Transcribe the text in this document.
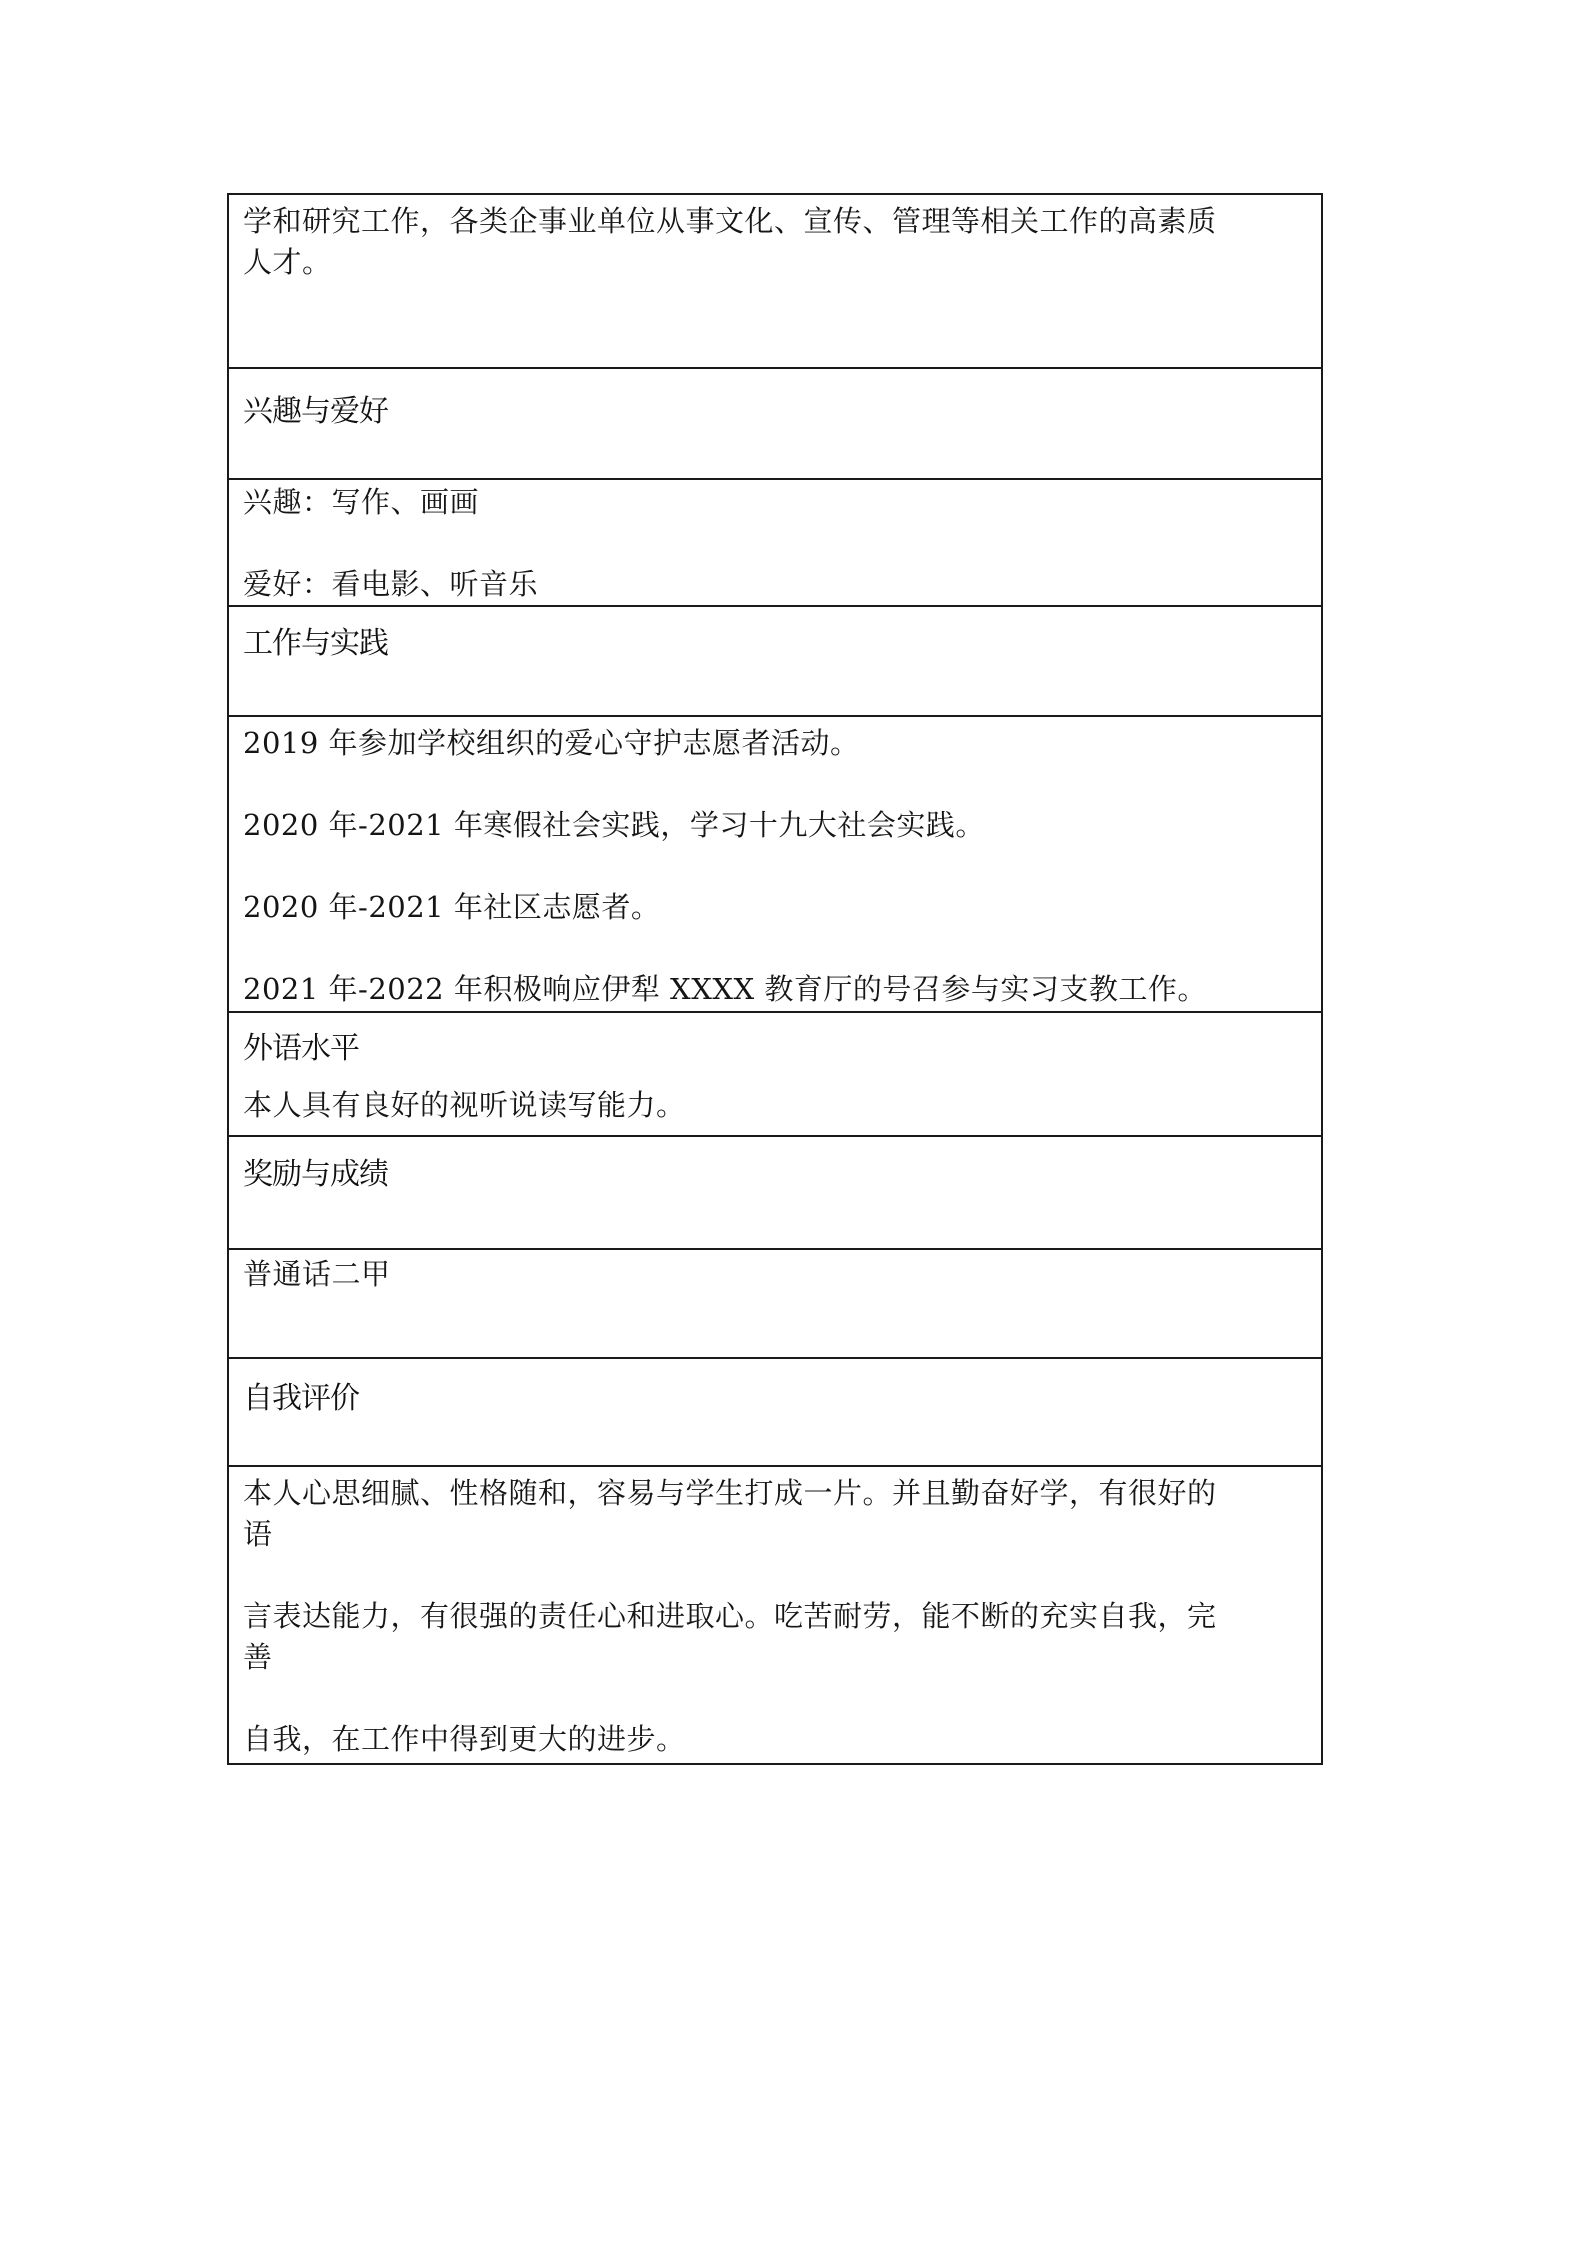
学和研究工作，各类企事业单位从事文化、宣传、管理等相关工作的高素质
人才。
兴趣与爱好
兴趣：写作、画画
爱好：看电影、听音乐
工作与实践
2019 年参加学校组织的爱心守护志愿者活动。
2020 年-2021 年寒假社会实践，学习十九大社会实践。
2020 年-2021 年社区志愿者。
2021 年-2022 年积极响应伊犁 XXXX 教育厅的号召参与实习支教工作。
外语水平
本人具有良好的视听说读写能力。
奖励与成绩
普通话二甲
自我评价
本人心思细腻、性格随和，容易与学生打成一片。并且勤奋好学，有很好的
语
言表达能力，有很强的责任心和进取心。吃苦耐劳，能不断的充实自我，完
善
自我，在工作中得到更大的进步。
